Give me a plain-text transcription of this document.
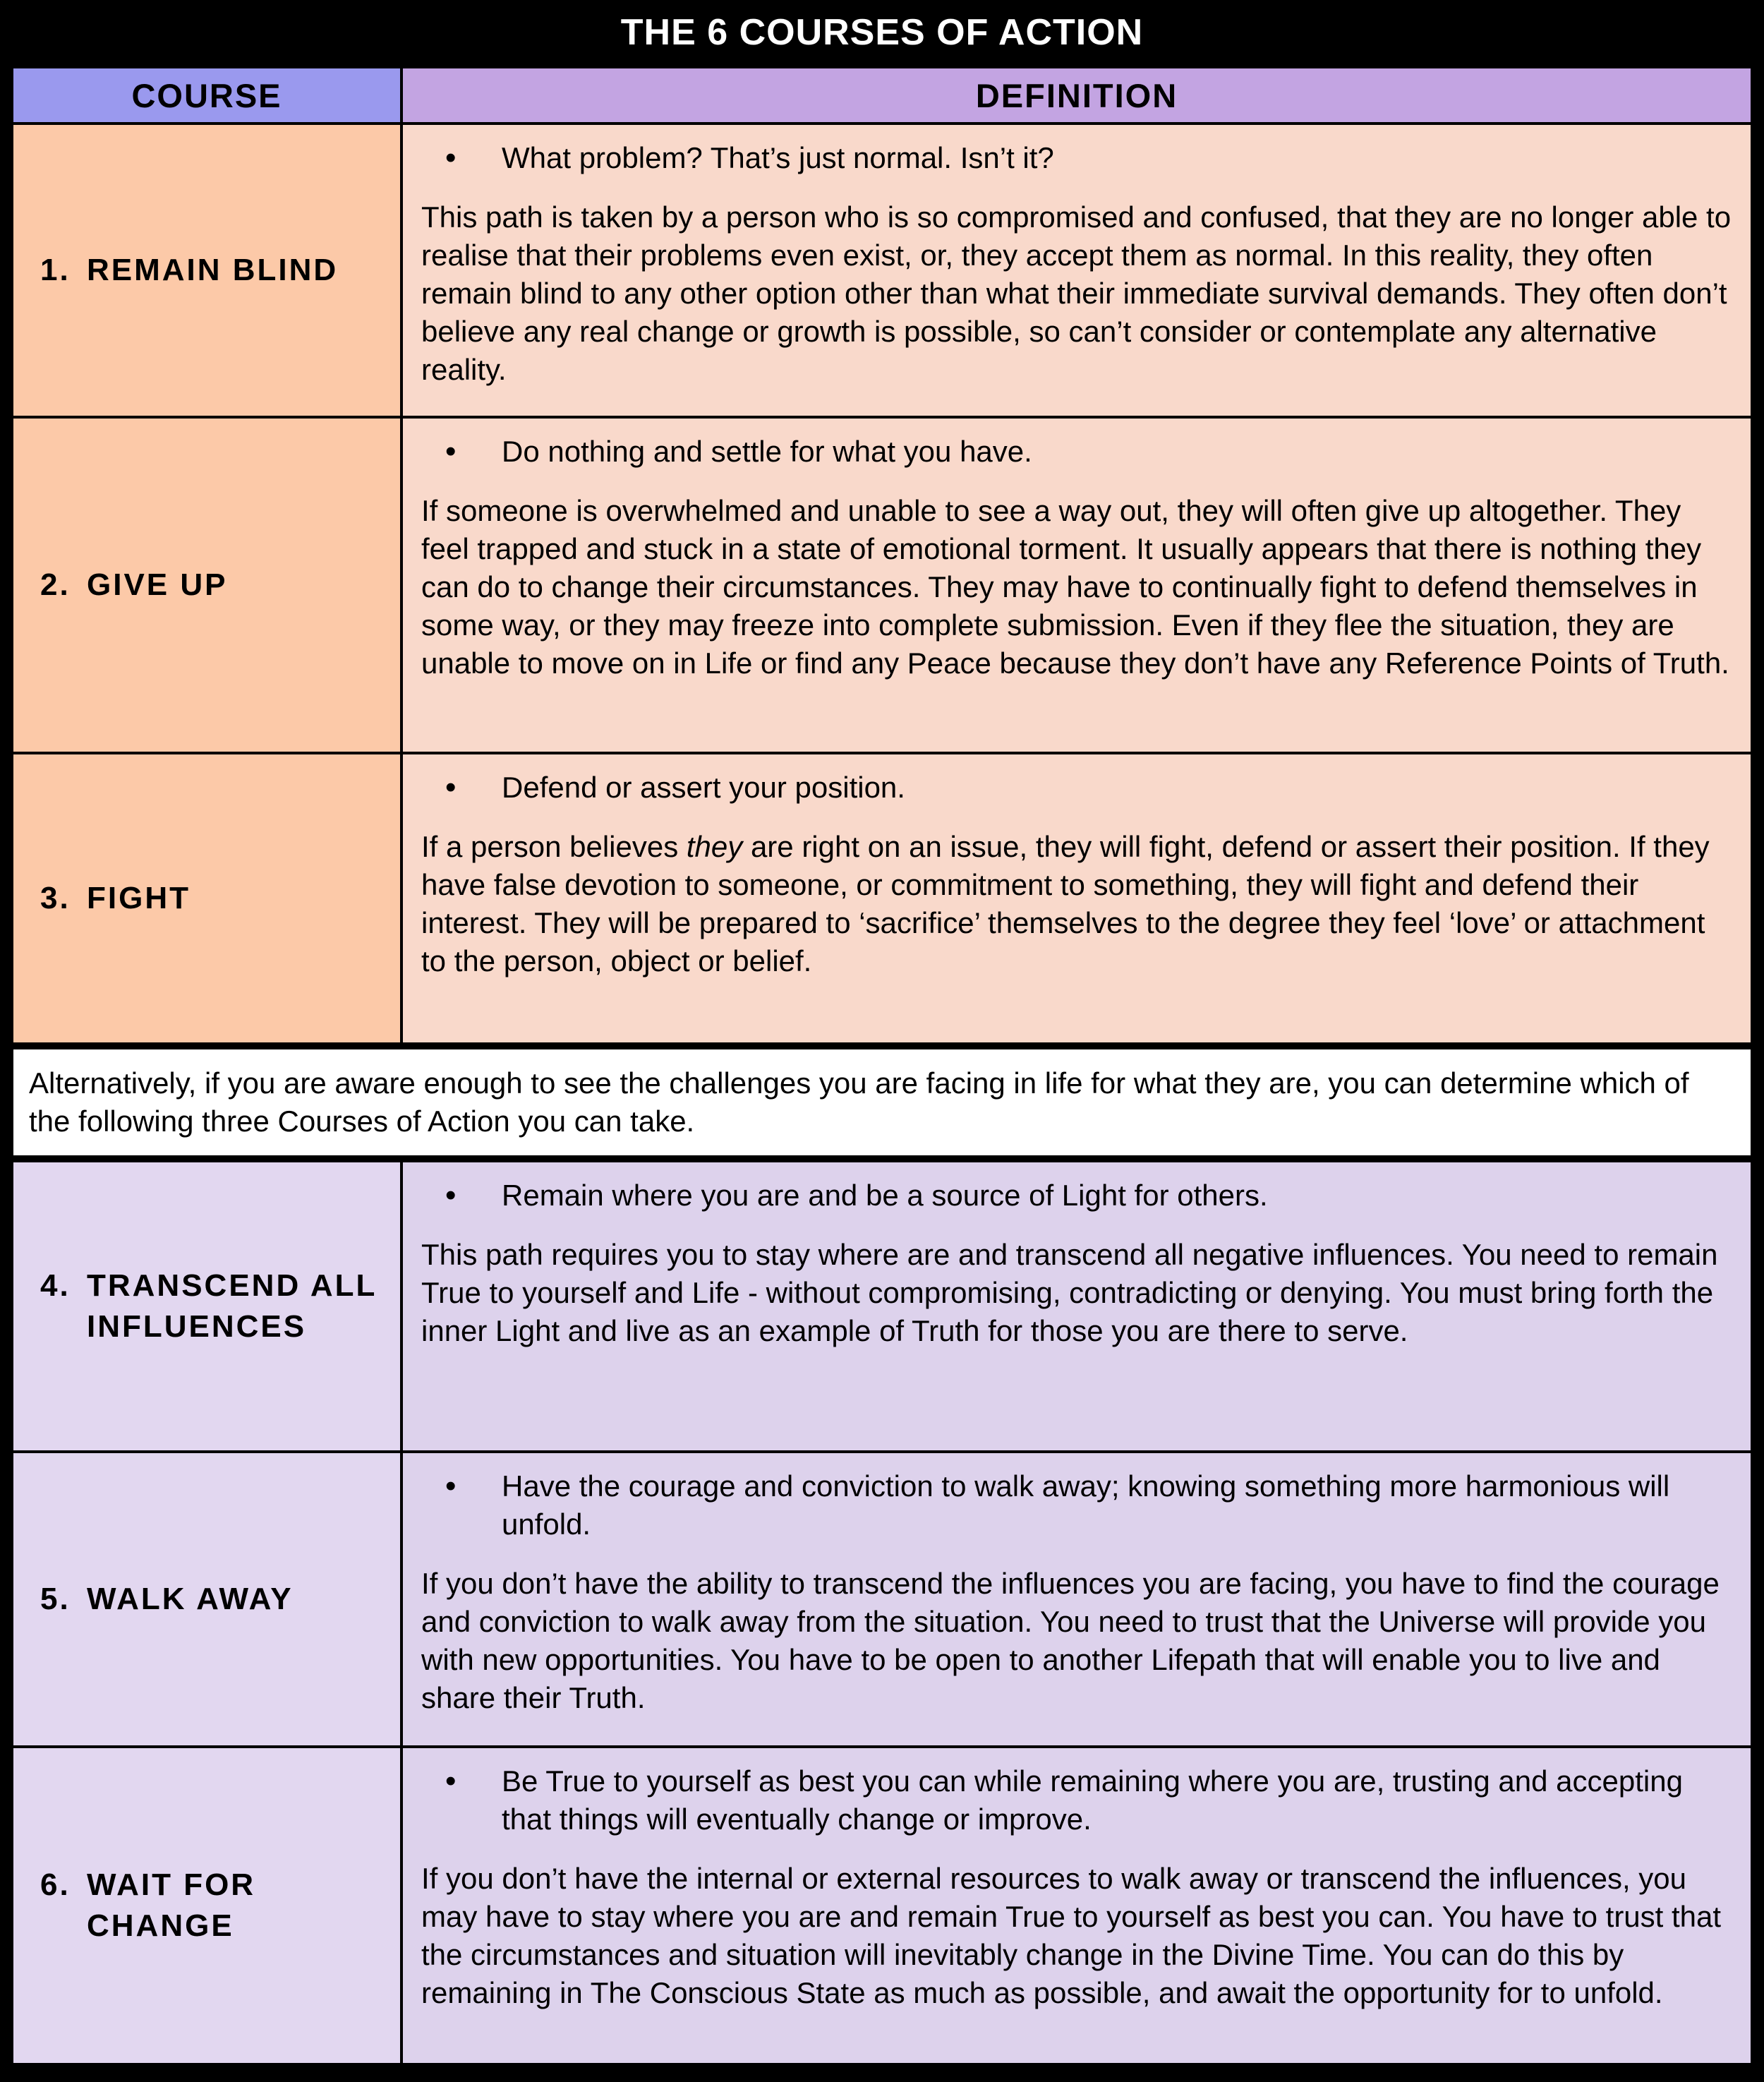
THE 6 COURSES OF ACTION
COURSE	DEFINITION
1. REMAIN BLIND
•	What problem? That’s just normal. Isn’t it?

This path is taken by a person who is so compromised and confused, that they are no longer able to realise that their problems even exist, or, they accept them as normal. In this reality, they often remain blind to any other option other than what their immediate survival demands. They often don’t believe any real change or growth is possible, so can’t consider or contemplate any alternative reality.

2. GIVE UP
•	Do nothing and settle for what you have.

If someone is overwhelmed and unable to see a way out, they will often give up altogether. They feel trapped and stuck in a state of emotional torment. It usually appears that there is nothing they can do to change their circumstances. They may have to continually fight to defend themselves in some way, or they may freeze into complete submission. Even if they flee the situation, they are unable to move on in Life or find any Peace because they don’t have any Reference Points of Truth.

3. FIGHT
•	Defend or assert your position.

If a person believes they are right on an issue, they will fight, defend or assert their position. If they have false devotion to someone, or commitment to something, they will fight and defend their interest. They will be prepared to ‘sacrifice’ themselves to the degree they feel ‘love’ or attachment to the person, object or belief.

Alternatively, if you are aware enough to see the challenges you are facing in life for what they are, you can determine which of the following three Courses of Action you can take.
4. TRANSCEND ALL
INFLUENCES
•	Remain where you are and be a source of Light for others.

This path requires you to stay where are and transcend all negative influences. You need to remain True to yourself and Life - without compromising, contradicting or denying. You must bring forth the inner Light and live as an example of Truth for those you are there to serve.

5. WALK AWAY
•	Have the courage and conviction to walk away; knowing something more harmonious will unfold.

If you don’t have the ability to transcend the influences you are facing, you have to find the courage and conviction to walk away from the situation. You need to trust that the Universe will provide you with new opportunities. You have to be open to another Lifepath that will enable you to live and share their Truth.

6. WAIT FOR
CHANGE
•	Be True to yourself as best you can while remaining where you are, trusting and accepting that things will eventually change or improve.

If you don’t have the internal or external resources to walk away or transcend the influences, you may have to stay where you are and remain True to yourself as best you can. You have to trust that the circumstances and situation will inevitably change in the Divine Time. You can do this by remaining in The Conscious State as much as possible, and await the opportunity for to unfold.
